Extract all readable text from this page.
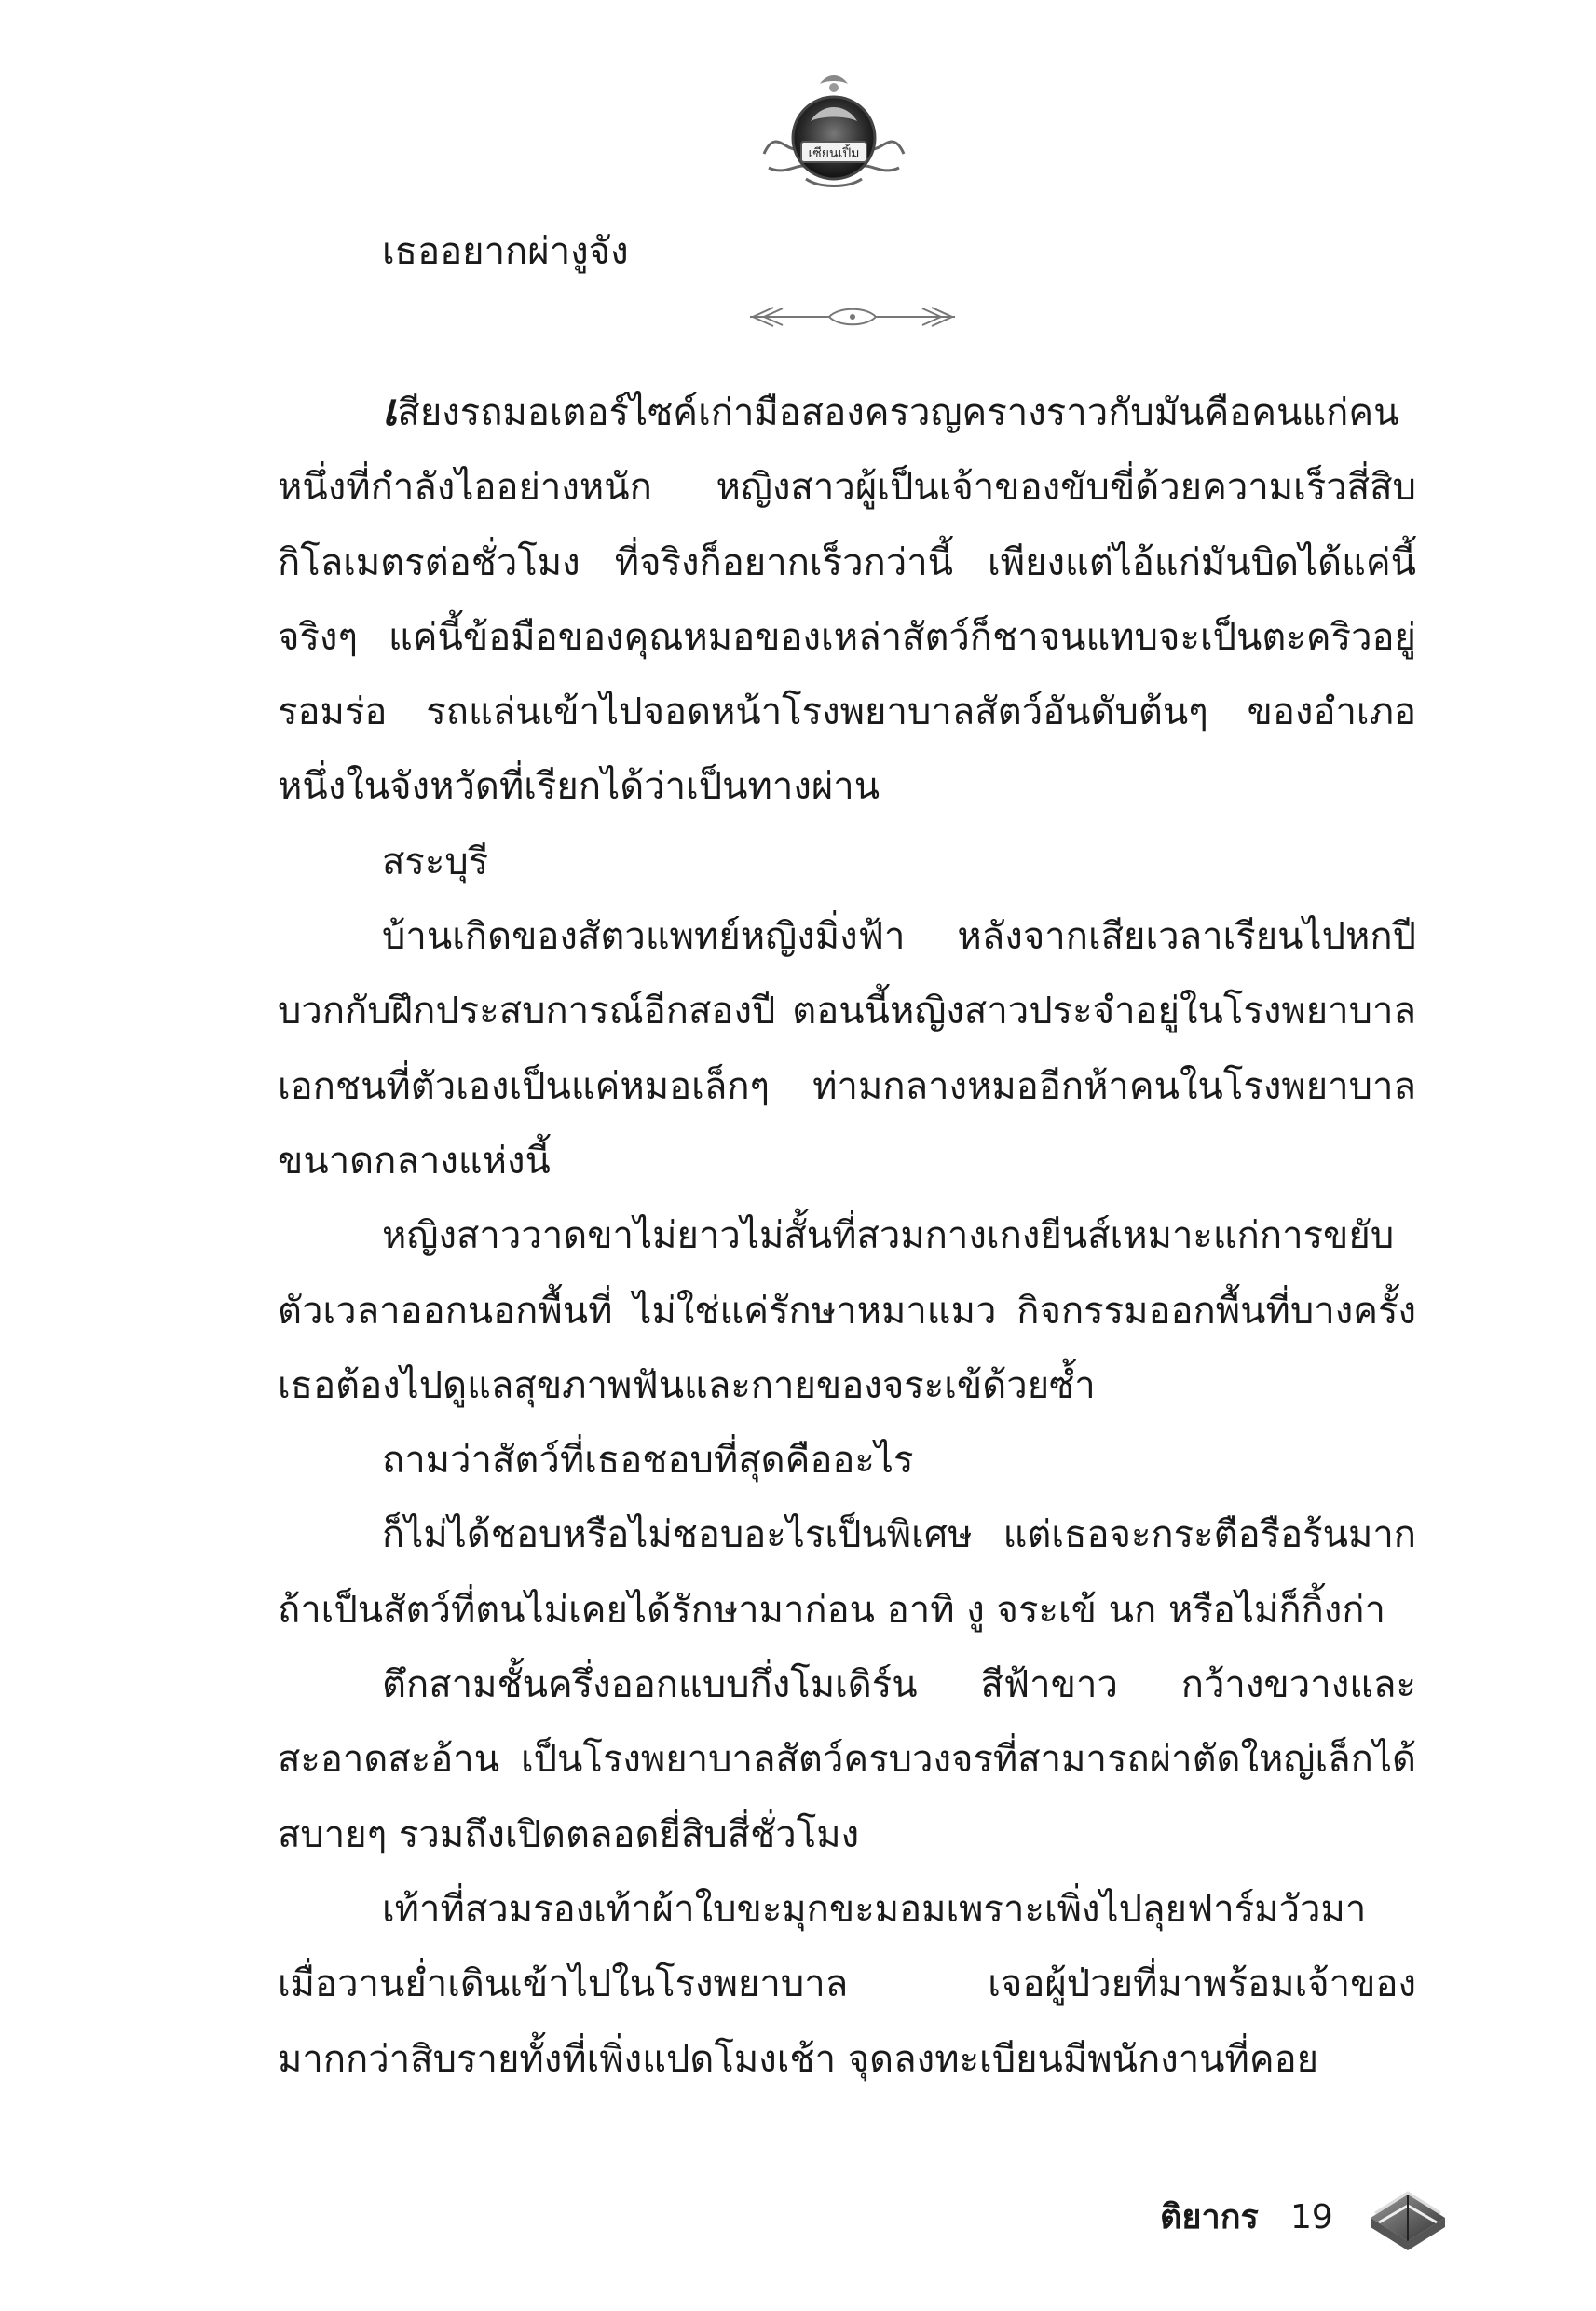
เซียนเปิ้ม
เธออยากผ่างูจัง

เสียงรถมอเตอร์ไซค์เก่ามือสองครวญครางราวกับมันคือคนแก่คนหนึ่งที่กำลังไออย่างหนัก หญิงสาวผู้เป็นเจ้าของขับขี่ด้วยความเร็วสี่สิบกิโลเมตรต่อชั่วโมง ที่จริงก็อยากเร็วกว่านี้ เพียงแต่ไอ้แก่มันบิดได้แค่นี้จริงๆ แค่นี้ข้อมือของคุณหมอของเหล่าสัตว์ก็ชาจนแทบจะเป็นตะคริวอยู่รอมร่อ รถแล่นเข้าไปจอดหน้าโรงพยาบาลสัตว์อันดับต้นๆ ของอำเภอหนึ่งในจังหวัดที่เรียกได้ว่าเป็นทางผ่าน

สระบุรี

บ้านเกิดของสัตวแพทย์หญิงมิ่งฟ้า หลังจากเสียเวลาเรียนไปหกปี บวกกับฝึกประสบการณ์อีกสองปี ตอนนี้หญิงสาวประจำอยู่ในโรงพยาบาลเอกชนที่ตัวเองเป็นแค่หมอเล็กๆ ท่ามกลางหมออีกห้าคนในโรงพยาบาลขนาดกลางแห่งนี้

หญิงสาววาดขาไม่ยาวไม่สั้นที่สวมกางเกงยีนส์เหมาะแก่การขยับตัวเวลาออกนอกพื้นที่ ไม่ใช่แค่รักษาหมาแมว กิจกรรมออกพื้นที่บางครั้งเธอต้องไปดูแลสุขภาพฟันและกายของจระเข้ด้วยซ้ำ

ถามว่าสัตว์ที่เธอชอบที่สุดคืออะไร

ก็ไม่ได้ชอบหรือไม่ชอบอะไรเป็นพิเศษ แต่เธอจะกระตือรือร้นมากถ้าเป็นสัตว์ที่ตนไม่เคยได้รักษามาก่อน อาทิ งู จระเข้ นก หรือไม่ก็กิ้งก่า

ตึกสามชั้นครึ่งออกแบบกึ่งโมเดิร์น สีฟ้าขาว กว้างขวางและสะอาดสะอ้าน เป็นโรงพยาบาลสัตว์ครบวงจรที่สามารถผ่าตัดใหญ่เล็กได้สบายๆ รวมถึงเปิดตลอดยี่สิบสี่ชั่วโมง

เท้าที่สวมรองเท้าผ้าใบขะมุกขะมอมเพราะเพิ่งไปลุยฟาร์มวัวมาเมื่อวานย่ำเดินเข้าไปในโรงพยาบาล เจอผู้ป่วยที่มาพร้อมเจ้าของมากกว่าสิบรายทั้งที่เพิ่งแปดโมงเช้า จุดลงทะเบียนมีพนักงานที่คอย

ติยากร 19
